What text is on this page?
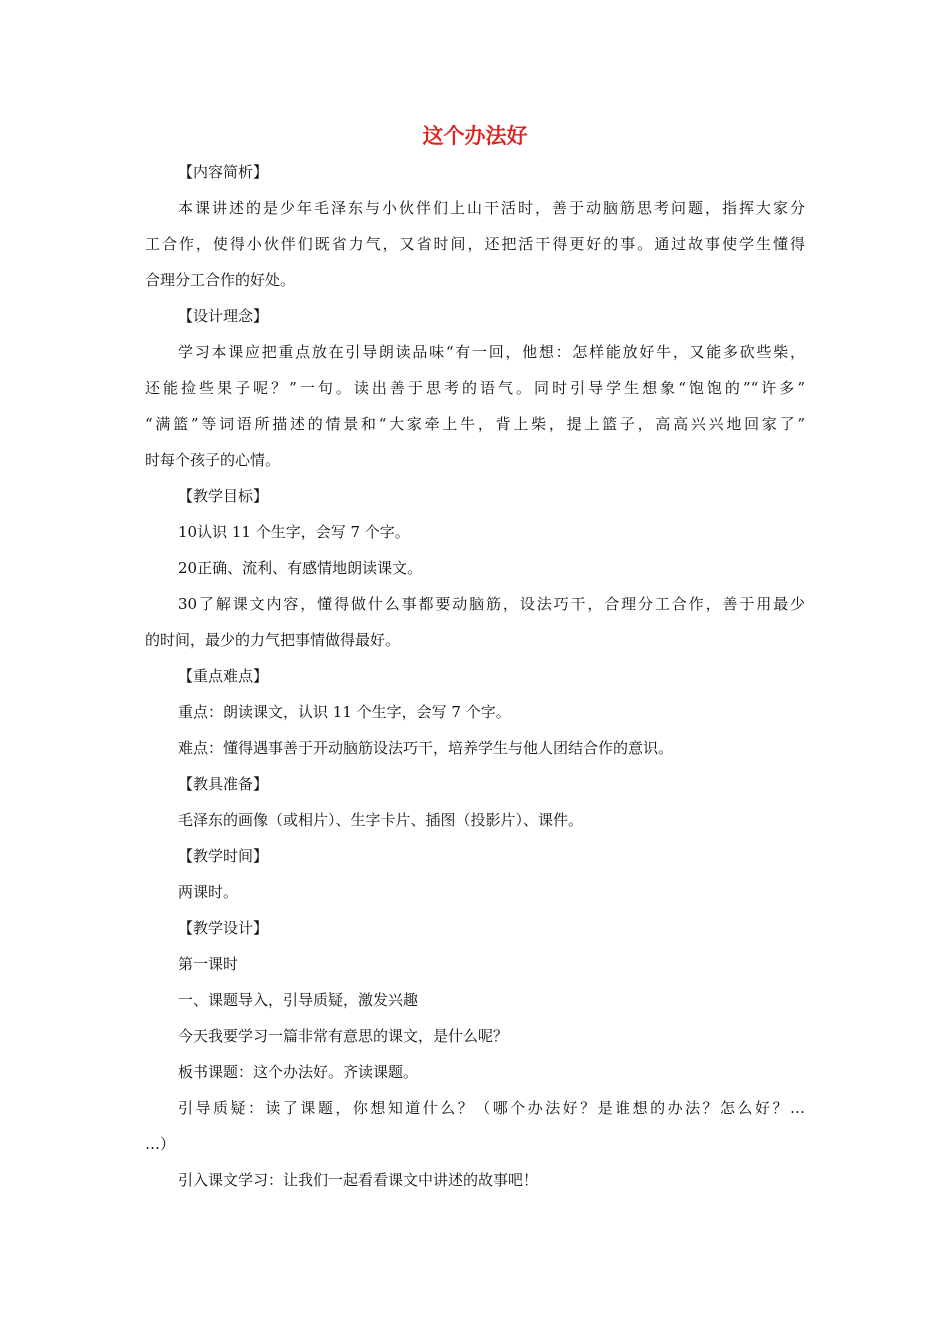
这个办法好

【内容简析】

本课讲述的是少年毛泽东与小伙伴们上山干活时，善于动脑筋思考问题，指挥大家分
工合作，使得小伙伴们既省力气，又省时间，还把活干得更好的事。通过故事使学生懂得
合理分工合作的好处。

【设计理念】

学习本课应把重点放在引导朗读品味“有一回，他想：怎样能放好牛，又能多砍些柴，
还能捡些果子呢？”一句。读出善于思考的语气。同时引导学生想象“饱饱的”“许多”
“满篮”等词语所描述的情景和“大家牵上牛，背上柴，提上篮子，高高兴兴地回家了”
时每个孩子的心情。

【教学目标】

10认识 11 个生字，会写 7 个字。

20正确、流利、有感情地朗读课文。

30了解课文内容，懂得做什么事都要动脑筋，设法巧干，合理分工合作，善于用最少
的时间，最少的力气把事情做得最好。

【重点难点】

重点：朗读课文，认识 11 个生字，会写 7 个字。

难点：懂得遇事善于开动脑筋设法巧干，培养学生与他人团结合作的意识。

【教具准备】

毛泽东的画像（或相片）、生字卡片、插图（投影片）、课件。

【教学时间】

两课时。

【教学设计】

第一课时

一、课题导入，引导质疑，激发兴趣

今天我要学习一篇非常有意思的课文，是什么呢？

板书课题：这个办法好。齐读课题。

引导质疑：读了课题，你想知道什么？（哪个办法好？是谁想的办法？怎么好？…
…）

引入课文学习：让我们一起看看课文中讲述的故事吧！
